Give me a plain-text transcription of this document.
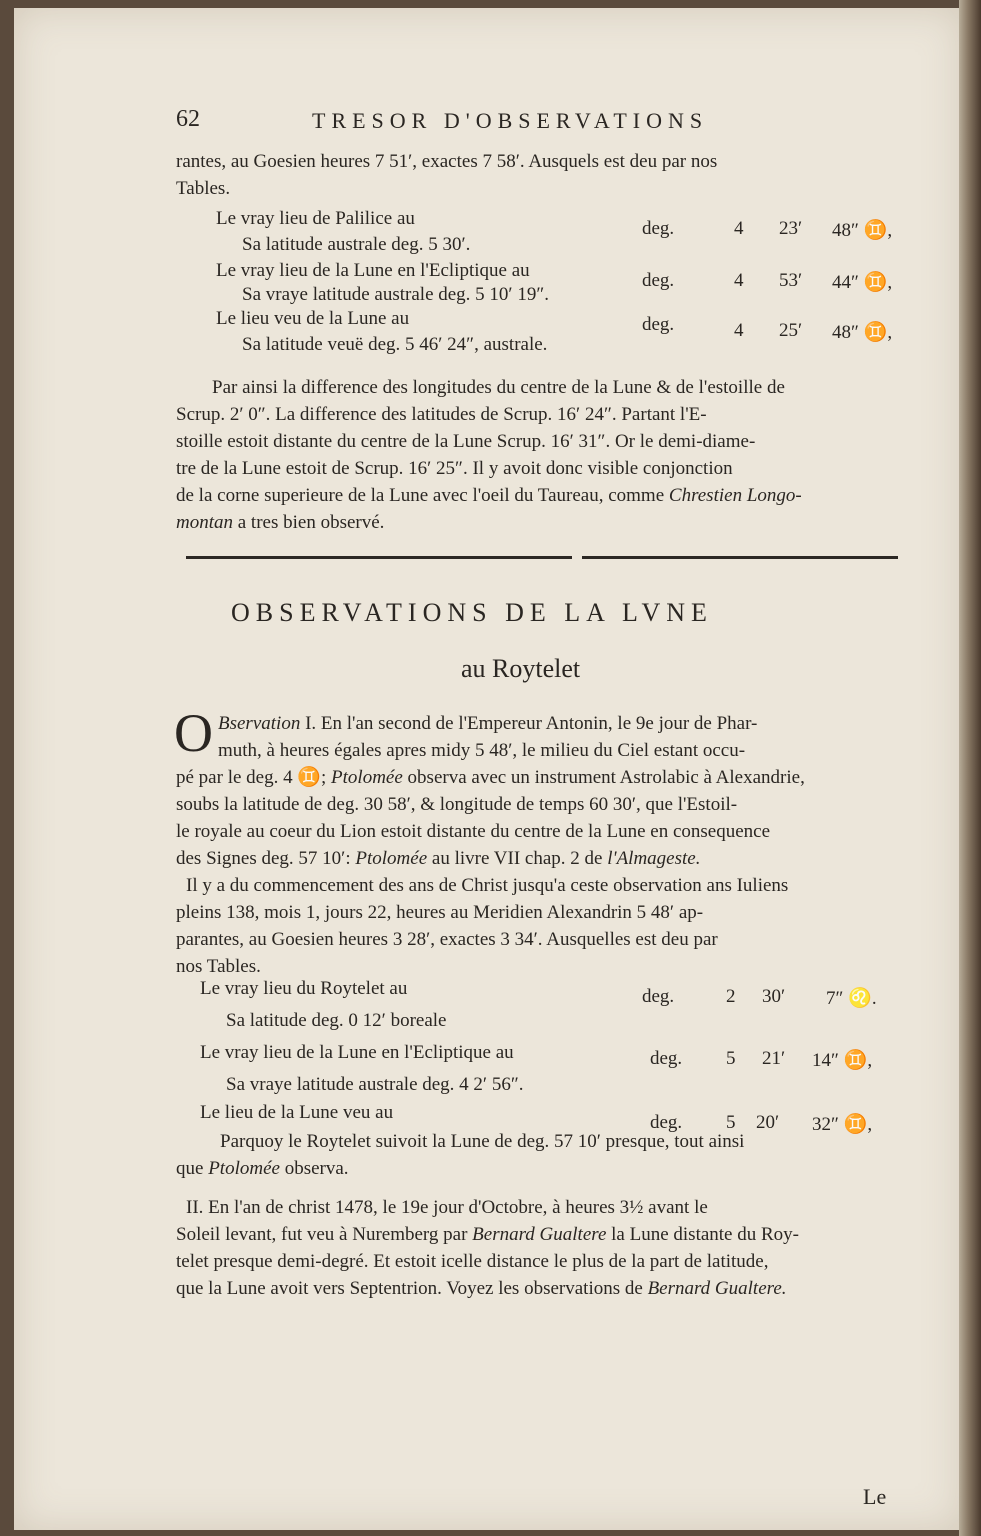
62	TRESOR D'OBSERVATIONS
rantes, au Goesien heures 7 51′, exactes 7 58′. Ausquels est deu par nos
Tables.
Le vray lieu de Palilice au	deg.	4 23′ 48″ ♊,
Sa latitude australe deg. 5 30′.
Le vray lieu de la Lune en l'Ecliptique au	deg.	4 53′ 44″ ♊,
Sa vraye latitude australe deg. 5 10′ 19″.
Le lieu veu de la Lune au	deg.	4 25′ 48″ ♊,
Sa latitude veuë deg. 5 46′ 24″, australe.
Par ainsi la difference des longitudes du centre de la Lune & de l'estoille de
Scrup. 2′ 0″. La difference des latitudes de Scrup. 16′ 24″. Partant l'E-
stoille estoit distante du centre de la Lune Scrup. 16′ 31″. Or le demi-diame-
tre de la Lune estoit de Scrup. 16′ 25″. Il y avoit donc visible conjonction
de la corne superieure de la Lune avec l'oeil du Taureau, comme Chrestien Longo-
montan a tres bien observé.
OBSERVATIONS DE LA LVNE
au Roytelet
O Bservation I. En l'an second de l'Empereur Antonin, le 9e jour de Phar-
muth, à heures égales apres midy 5 48′, le milieu du Ciel estant occu-
pé par le deg. 4 ♊; Ptolomée observa avec un instrument Astrolabic à Alexandrie,
soubs la latitude de deg. 30 58′, & longitude de temps 60 30′, que l'Estoil-
le royale au coeur du Lion estoit distante du centre de la Lune en consequence
des Signes deg. 57 10′: Ptolomée au livre VII chap. 2 de l'Almageste.
Il y a du commencement des ans de Christ jusqu'a ceste observation ans Iuliens
pleins 138, mois 1, jours 22, heures au Meridien Alexandrin 5 48′ ap-
parantes, au Goesien heures 3 28′, exactes 3 34′. Ausquelles est deu par
nos Tables.
Le vray lieu du Roytelet au	deg.	2 30′ 7″ ♌.
Sa latitude deg. 0 12′ boreale
Le vray lieu de la Lune en l'Ecliptique au	deg. 5 21′ 14″ ♊,
Sa vraye latitude australe deg. 4 2′ 56″.
Le lieu de la Lune veu au	deg. 5 20′ 32″ ♊,
Parquoy le Roytelet suivoit la Lune de deg. 57 10′ presque, tout ainsi
que Ptolomée observa.
II. En l'an de christ 1478, le 19e jour d'Octobre, à heures 3½ avant le
Soleil levant, fut veu à Nuremberg par Bernard Gualtere la Lune distante du Roy-
telet presque demi-degré. Et estoit icelle distance le plus de la part de latitude,
que la Lune avoit vers Septentrion. Voyez les observations de Bernard Gualtere.
Le
